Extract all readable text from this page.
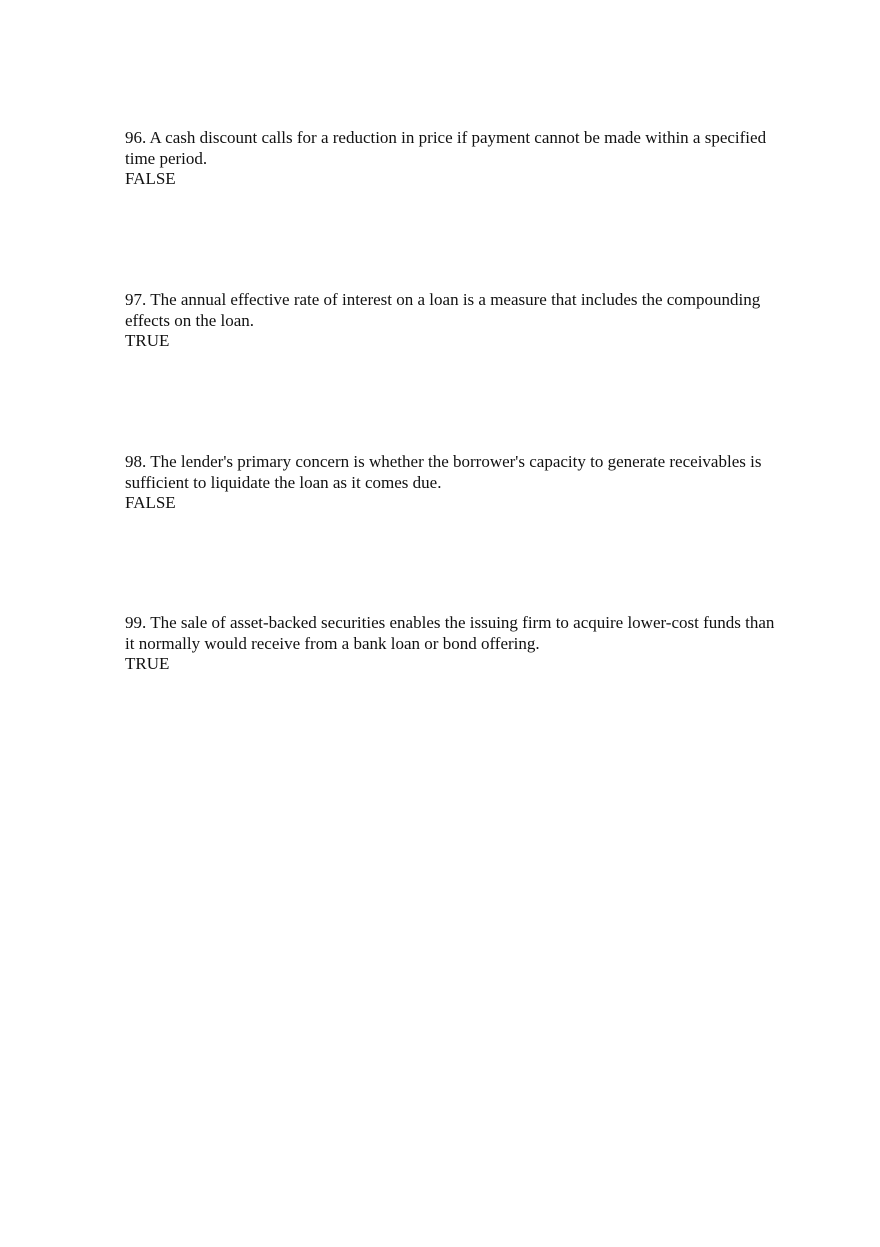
96. A cash discount calls for a reduction in price if payment cannot be made within a specified time period.

FALSE

97. The annual effective rate of interest on a loan is a measure that includes the compounding effects on the loan.

TRUE

98. The lender's primary concern is whether the borrower's capacity to generate receivables is sufficient to liquidate the loan as it comes due.

FALSE

99. The sale of asset-backed securities enables the issuing firm to acquire lower-cost funds than it normally would receive from a bank loan or bond offering.

TRUE
